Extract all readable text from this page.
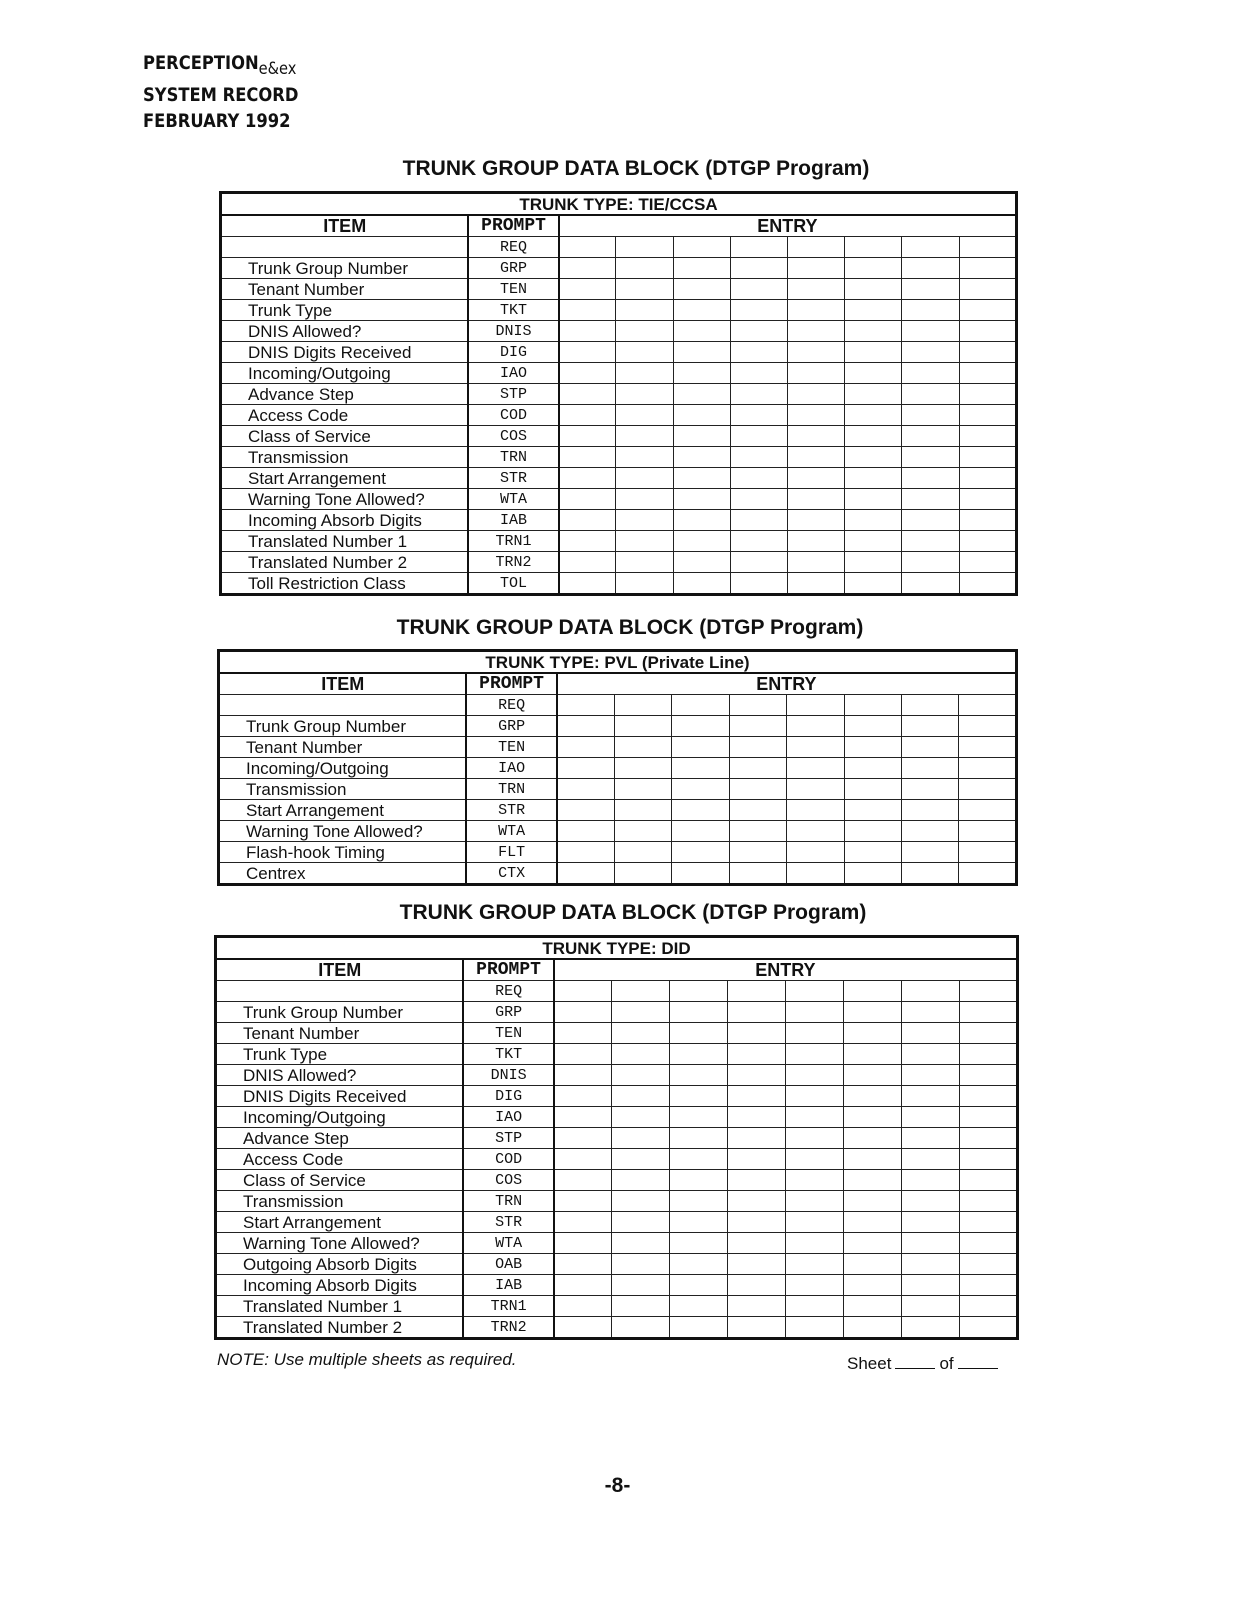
PERCEPTIONe&ex
SYSTEM RECORD
FEBRUARY 1992
TRUNK GROUP DATA BLOCK (DTGP Program)
TRUNK TYPE: TIE/CCSA									
ITEM	PROMPT	ENTRY							
	REQ								
Trunk Group Number	GRP								
Tenant Number	TEN								
Trunk Type	TKT								
DNIS Allowed?	DNIS								
DNIS Digits Received	DIG								
Incoming/Outgoing	IAO								
Advance Step	STP								
Access Code	COD								
Class of Service	COS								
Transmission	TRN								
Start Arrangement	STR								
Warning Tone Allowed?	WTA								
Incoming Absorb Digits	IAB								
Translated Number 1	TRN1								
Translated Number 2	TRN2								
Toll Restriction Class	TOL								
TRUNK GROUP DATA BLOCK (DTGP Program)
TRUNK TYPE: PVL (Private Line)									
ITEM	PROMPT	ENTRY							
	REQ								
Trunk Group Number	GRP								
Tenant Number	TEN								
Incoming/Outgoing	IAO								
Transmission	TRN								
Start Arrangement	STR								
Warning Tone Allowed?	WTA								
Flash-hook Timing	FLT								
Centrex	CTX								
TRUNK GROUP DATA BLOCK (DTGP Program)
TRUNK TYPE: DID									
ITEM	PROMPT	ENTRY							
	REQ								
Trunk Group Number	GRP								
Tenant Number	TEN								
Trunk Type	TKT								
DNIS Allowed?	DNIS								
DNIS Digits Received	DIG								
Incoming/Outgoing	IAO								
Advance Step	STP								
Access Code	COD								
Class of Service	COS								
Transmission	TRN								
Start Arrangement	STR								
Warning Tone Allowed?	WTA								
Outgoing Absorb Digits	OAB								
Incoming Absorb Digits	IAB								
Translated Number 1	TRN1								
Translated Number 2	TRN2								
NOTE: Use multiple sheets as required.	Sheet	of
-8-
